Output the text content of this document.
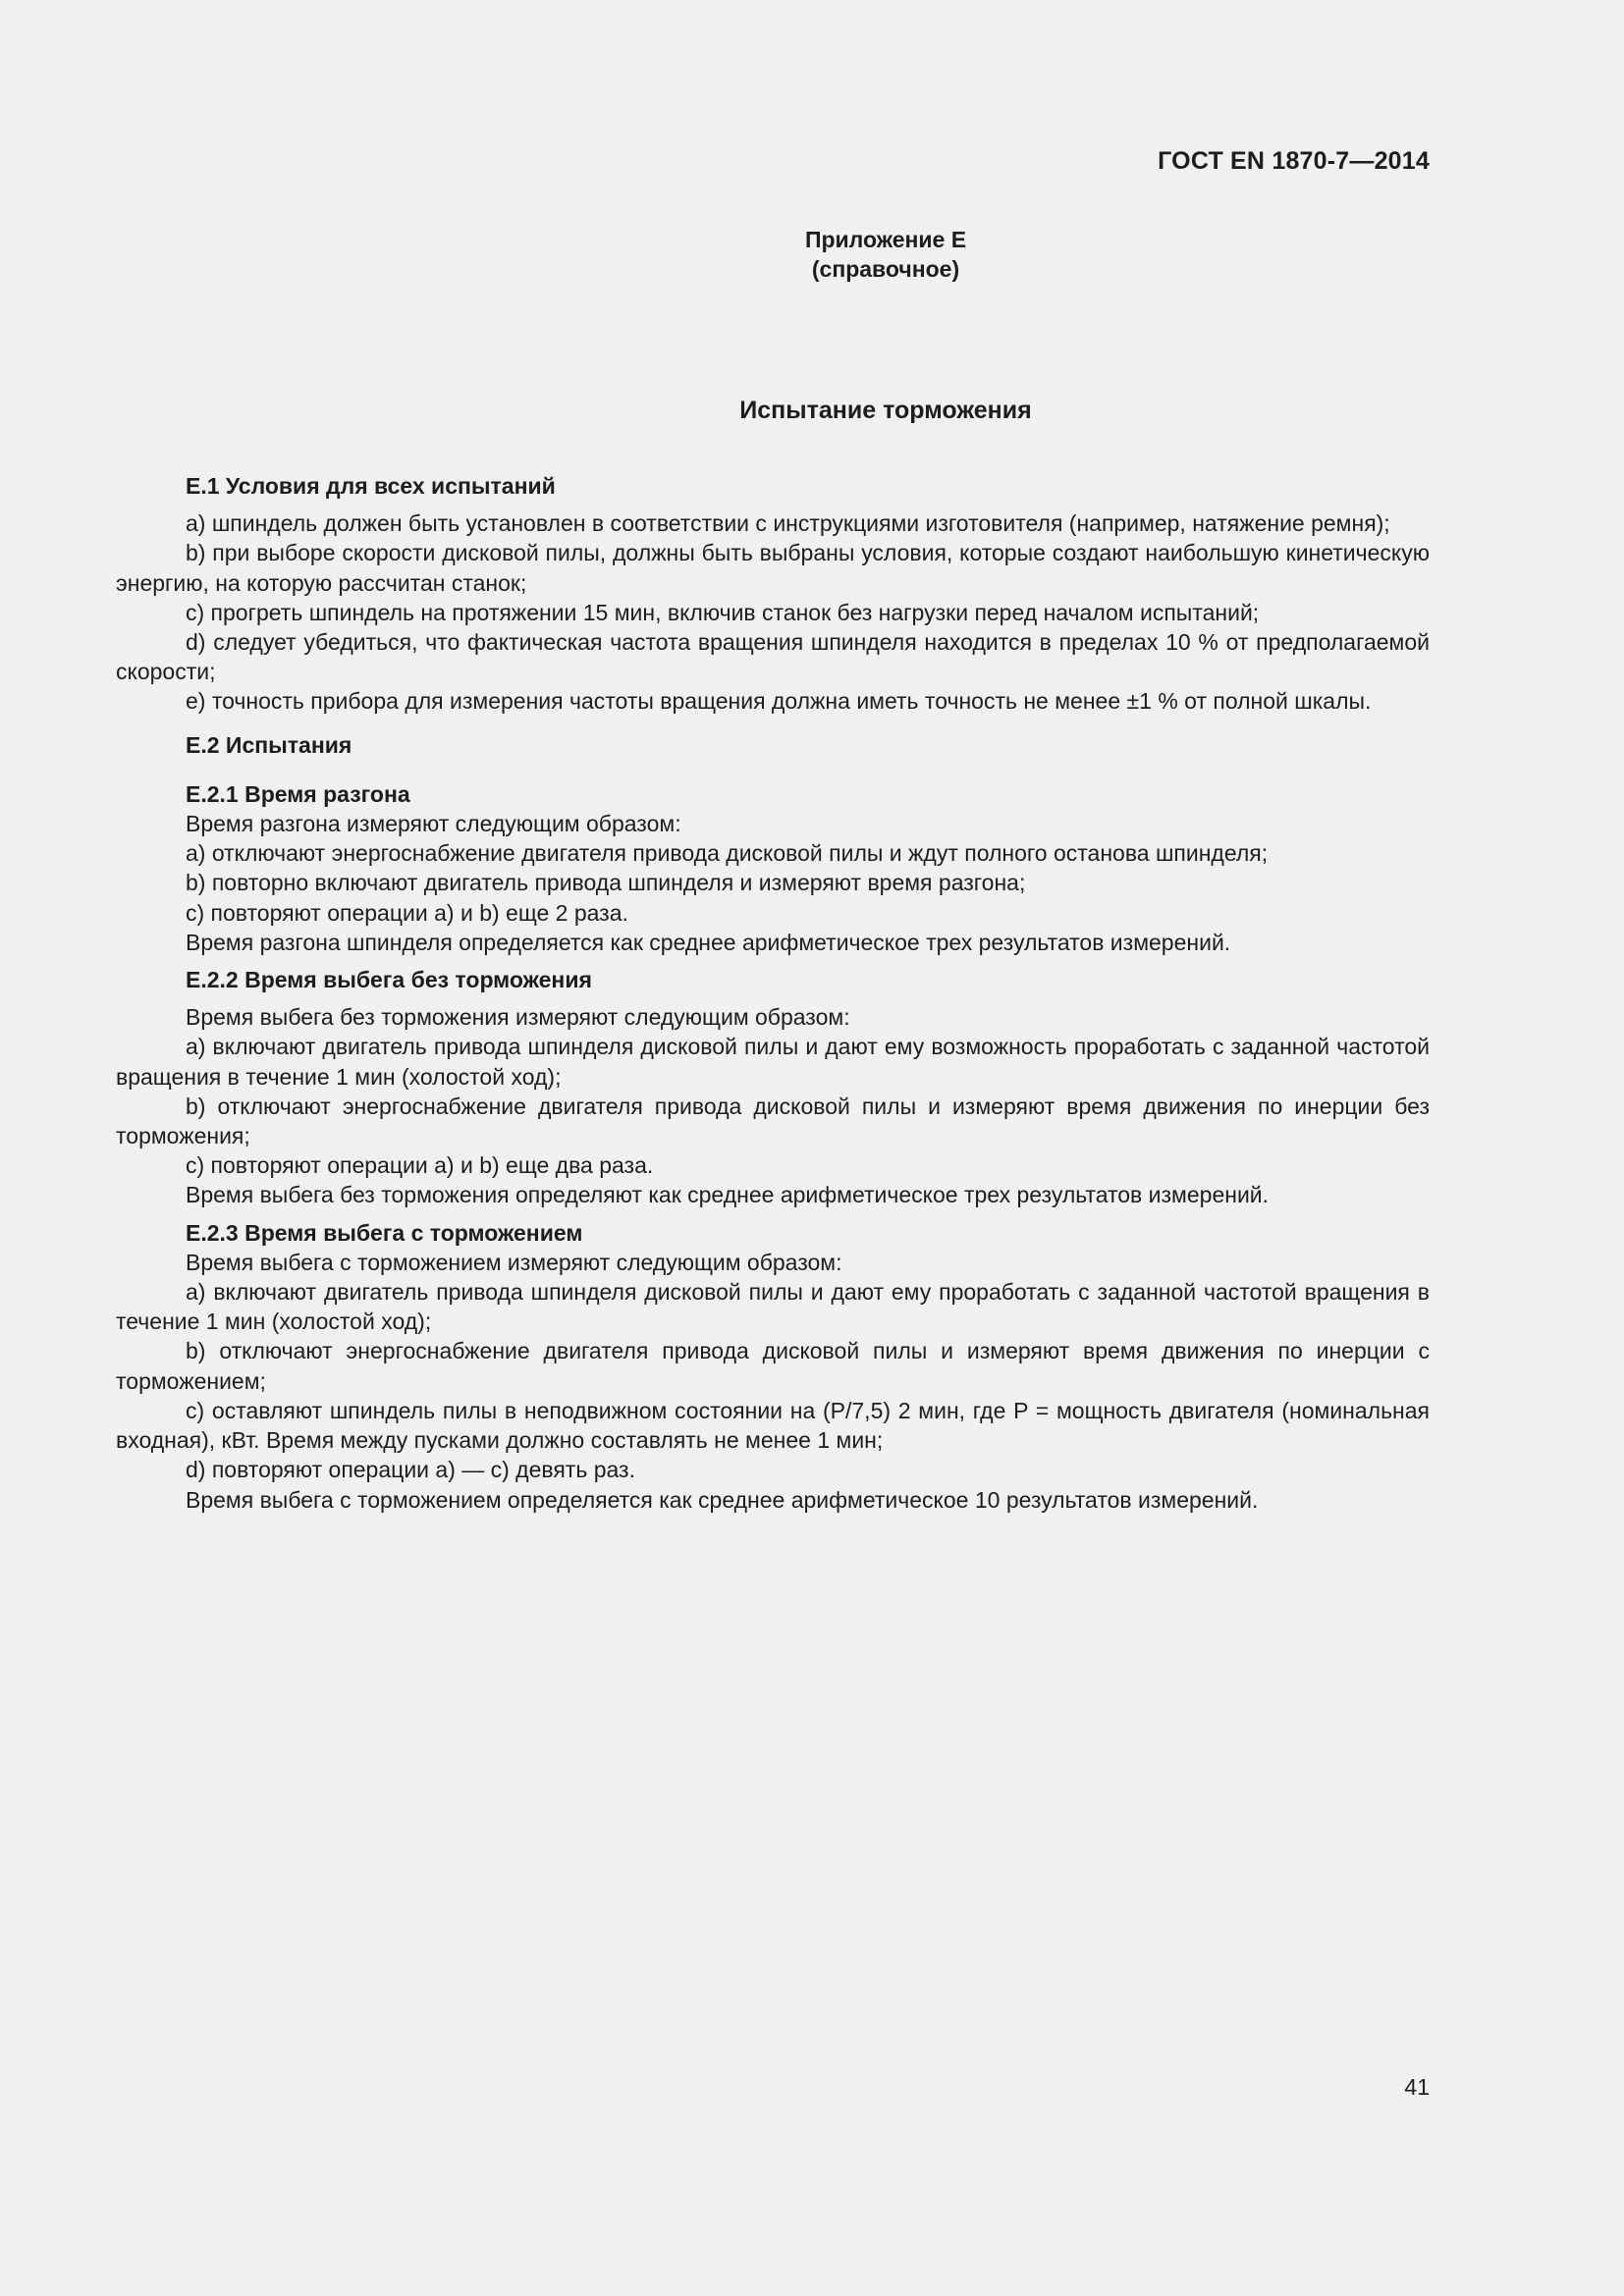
ГОСТ EN 1870-7—2014
Приложение E
(справочное)
Испытание торможения
E.1 Условия для всех испытаний

a) шпиндель должен быть установлен в соответствии с инструкциями изготовителя (например, натяжение ремня);

b) при выборе скорости дисковой пилы, должны быть выбраны условия, которые создают наибольшую кинетическую энергию, на которую рассчитан станок;

c) прогреть шпиндель на протяжении 15 мин, включив станок без нагрузки перед началом испытаний;

d) следует убедиться, что фактическая частота вращения шпинделя находится в пределах 10 % от предполагаемой скорости;

e) точность прибора для измерения частоты вращения должна иметь точность не менее ±1 % от полной шкалы.

E.2 Испытания
E.2.1 Время разгона

Время разгона измеряют следующим образом:

a) отключают энергоснабжение двигателя привода дисковой пилы и ждут полного останова шпинделя;

b) повторно включают двигатель привода шпинделя и измеряют время разгона;

c) повторяют операции а) и b) еще 2 раза.

Время разгона шпинделя определяется как среднее арифметическое трех результатов измерений.

E.2.2 Время выбега без торможения

Время выбега без торможения измеряют следующим образом:

a) включают двигатель привода шпинделя дисковой пилы и дают ему возможность проработать с заданной частотой вращения в течение 1 мин (холостой ход);

b) отключают энергоснабжение двигателя привода дисковой пилы и измеряют время движения по инерции без торможения;

c) повторяют операции а) и b) еще два раза.

Время выбега без торможения определяют как среднее арифметическое трех результатов измерений.

E.2.3 Время выбега с торможением

Время выбега с торможением измеряют следующим образом:

a) включают двигатель привода шпинделя дисковой пилы и дают ему проработать с заданной частотой вращения в течение 1 мин (холостой ход);

b) отключают энергоснабжение двигателя привода дисковой пилы и измеряют время движения по инерции с торможением;

c) оставляют шпиндель пилы в неподвижном состоянии на (P/7,5) 2 мин, где P = мощность двигателя (номинальная входная), кВт. Время между пусками должно составлять не менее 1 мин;

d) повторяют операции a) — c) девять раз.

Время выбега с торможением определяется как среднее арифметическое 10 результатов измерений.

41
